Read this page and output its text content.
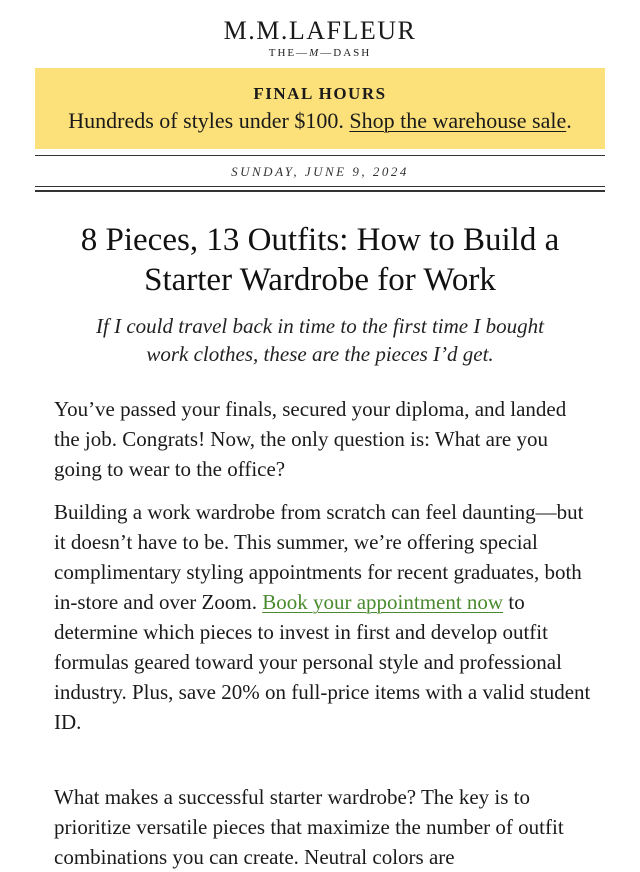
M.M.LAFLEUR
THE—M—DASH
FINAL HOURS
Hundreds of styles under $100. Shop the warehouse sale.
SUNDAY, JUNE 9, 2024
8 Pieces, 13 Outfits: How to Build a Starter Wardrobe for Work

If I could travel back in time to the first time I bought work clothes, these are the pieces I’d get.

You’ve passed your finals, secured your diploma, and landed the job. Congrats! Now, the only question is: What are you going to wear to the office?

Building a work wardrobe from scratch can feel daunting—but it doesn’t have to be. This summer, we’re offering special complimentary styling appointments for recent graduates, both in-store and over Zoom. Book your appointment now to determine which pieces to invest in first and develop outfit formulas geared toward your personal style and professional industry. Plus, save 20% on full-price items with a valid student ID.

What makes a successful starter wardrobe? The key is to prioritize versatile pieces that maximize the number of outfit combinations you can create. Neutral colors are
